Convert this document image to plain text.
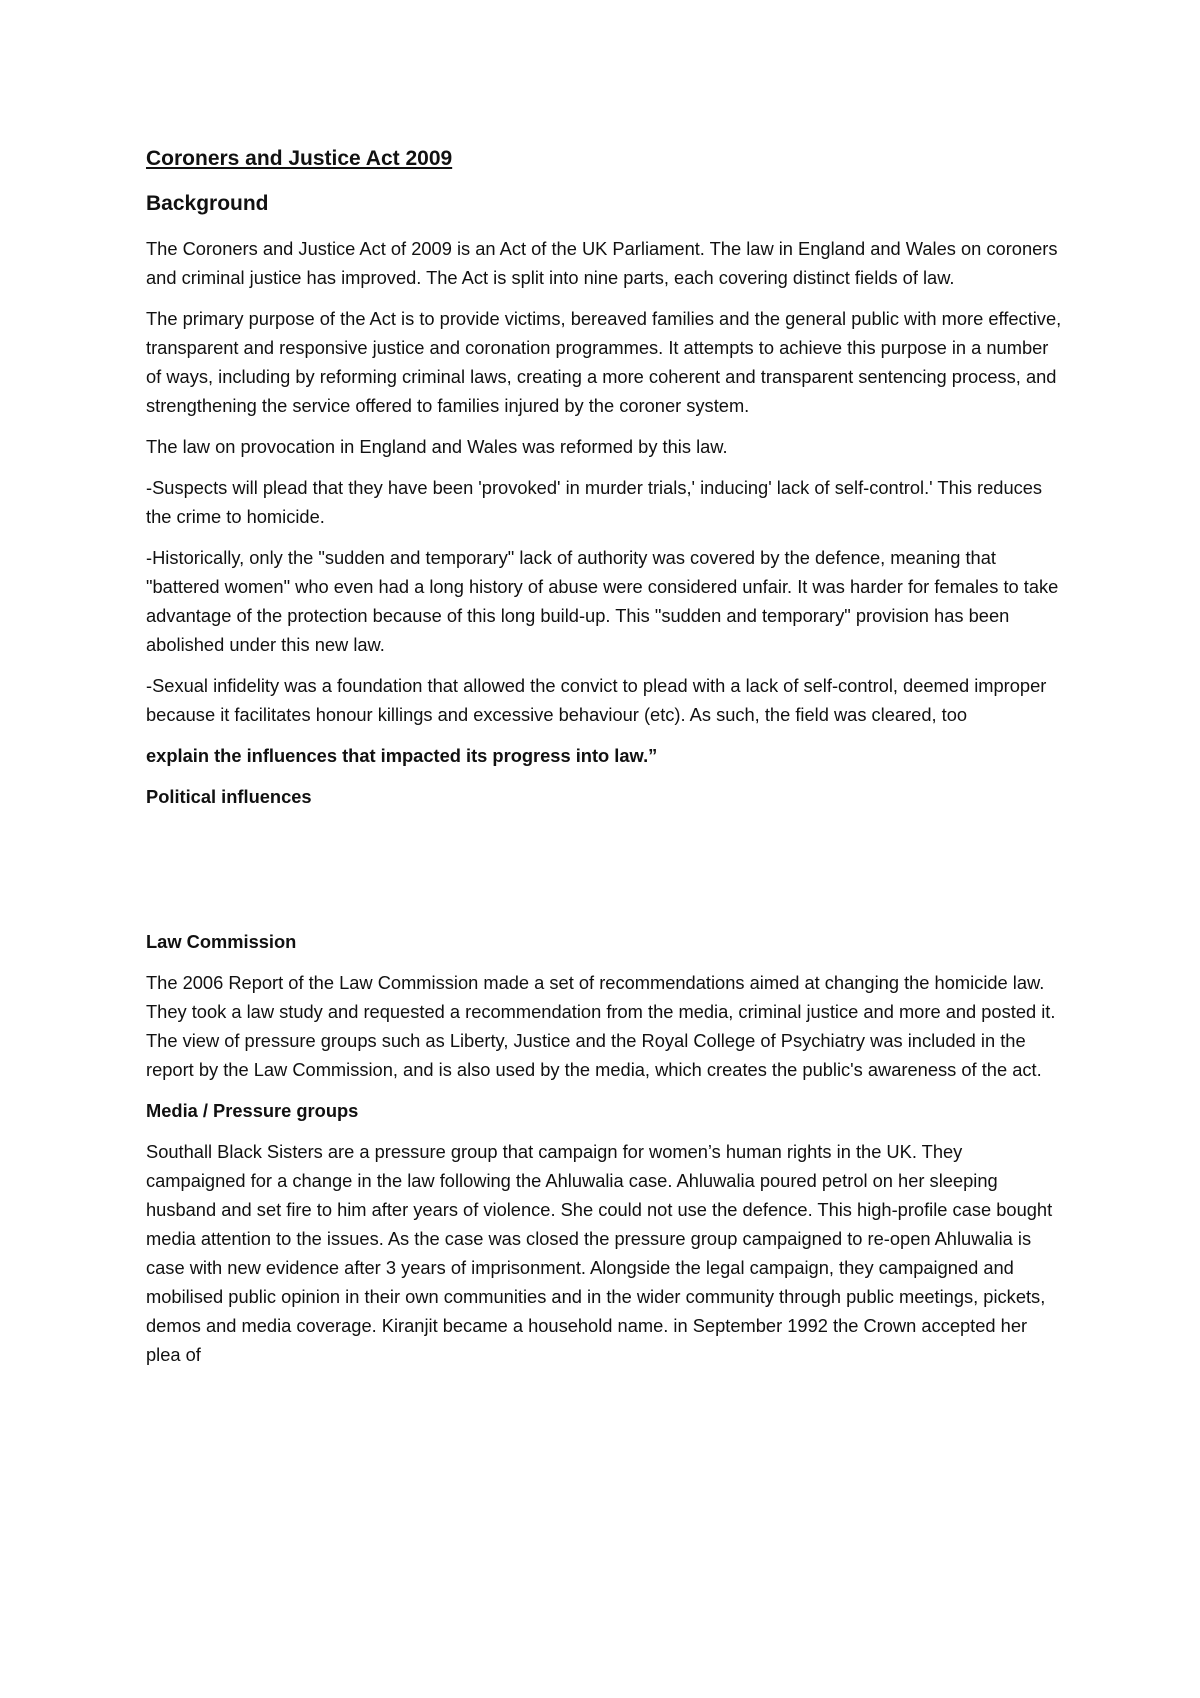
Coroners and Justice Act 2009
Background

The Coroners and Justice Act of 2009 is an Act of the UK Parliament. The law in England and Wales on coroners and criminal justice has improved. The Act is split into nine parts, each covering distinct fields of law.

The primary purpose of the Act is to provide victims, bereaved families and the general public with more effective, transparent and responsive justice and coronation programmes. It attempts to achieve this purpose in a number of ways, including by reforming criminal laws, creating a more coherent and transparent sentencing process, and strengthening the service offered to families injured by the coroner system.

The law on provocation in England and Wales was reformed by this law.

-Suspects will plead that they have been 'provoked' in murder trials,' inducing' lack of self-control.' This reduces the crime to homicide.

-Historically, only the "sudden and temporary" lack of authority was covered by the defence, meaning that "battered women" who even had a long history of abuse were considered unfair. It was harder for females to take advantage of the protection because of this long build-up. This "sudden and temporary" provision has been abolished under this new law.

-Sexual infidelity was a foundation that allowed the convict to plead with a lack of self-control, deemed improper because it facilitates honour killings and excessive behaviour (etc). As such, the field was cleared, too

explain the influences that impacted its progress into law.”

Political influences

Law Commission

The 2006 Report of the Law Commission made a set of recommendations aimed at changing the homicide law. They took a law study and requested a recommendation from the media, criminal justice and more and posted it. The view of pressure groups such as Liberty, Justice and the Royal College of Psychiatry was included in the report by the Law Commission, and is also used by the media, which creates the public's awareness of the act.

Media / Pressure groups

Southall Black Sisters are a pressure group that campaign for women’s human rights in the UK. They campaigned for a change in the law following the Ahluwalia case. Ahluwalia poured petrol on her sleeping husband and set fire to him after years of violence. She could not use the defence. This high-profile case bought media attention to the issues. As the case was closed the pressure group campaigned to re-open Ahluwalia is case with new evidence after 3 years of imprisonment. Alongside the legal campaign, they campaigned and mobilised public opinion in their own communities and in the wider community through public meetings, pickets, demos and media coverage. Kiranjit became a household name. in September 1992 the Crown accepted her plea of
